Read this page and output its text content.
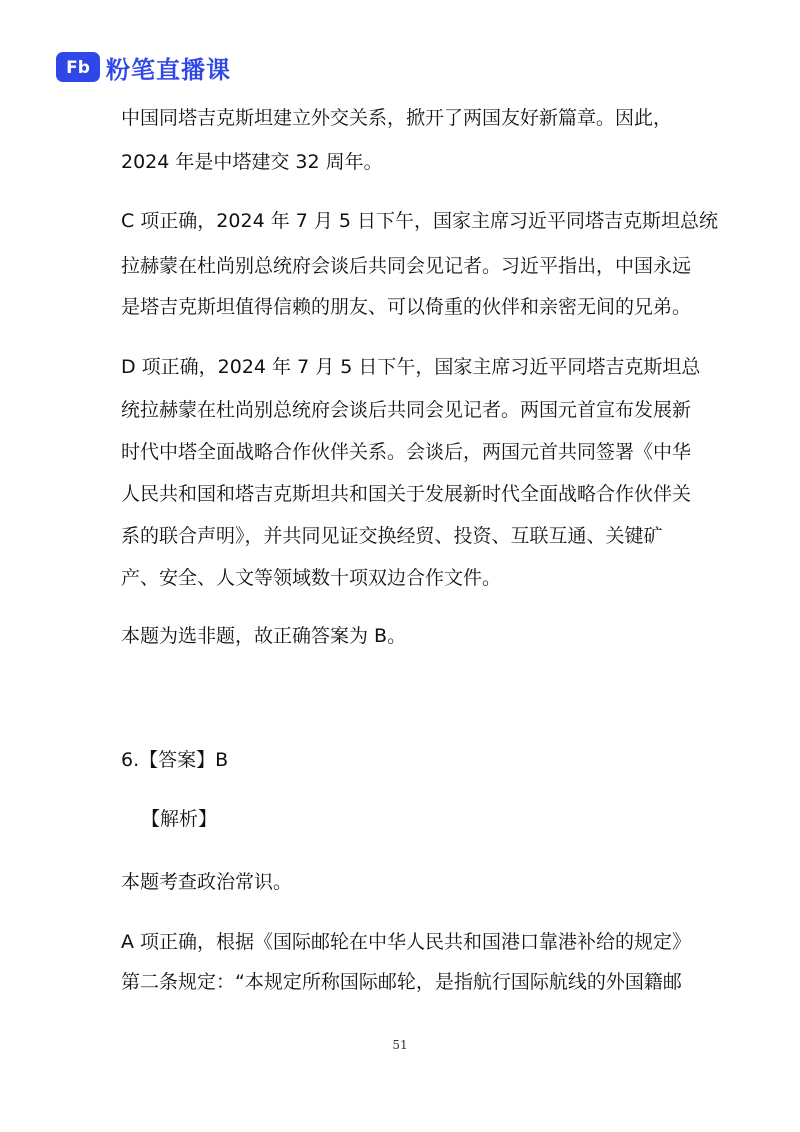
Fb 粉笔直播课
中国同塔吉克斯坦建立外交关系，掀开了两国友好新篇章。因此，
2024 年是中塔建交 32 周年。
C 项正确，2024 年 7 月 5 日下午，国家主席习近平同塔吉克斯坦总统
拉赫蒙在杜尚别总统府会谈后共同会见记者。习近平指出，中国永远
是塔吉克斯坦值得信赖的朋友、可以倚重的伙伴和亲密无间的兄弟。
D 项正确，2024 年 7 月 5 日下午，国家主席习近平同塔吉克斯坦总
统拉赫蒙在杜尚别总统府会谈后共同会见记者。两国元首宣布发展新
时代中塔全面战略合作伙伴关系。会谈后，两国元首共同签署《中华
人民共和国和塔吉克斯坦共和国关于发展新时代全面战略合作伙伴关
系的联合声明》，并共同见证交换经贸、投资、互联互通、关键矿
产、安全、人文等领域数十项双边合作文件。
本题为选非题，故正确答案为 B。
6.【答案】B
【解析】
本题考查政治常识。
A 项正确，根据《国际邮轮在中华人民共和国港口靠港补给的规定》
第二条规定：“本规定所称国际邮轮，是指航行国际航线的外国籍邮
51
